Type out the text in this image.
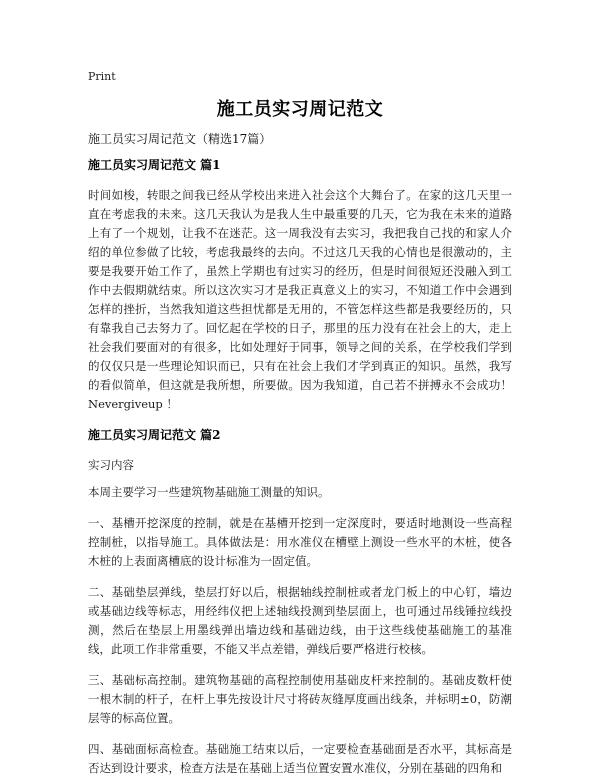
Print
施工员实习周记范文
施工员实习周记范文（精选17篇）
施工员实习周记范文 篇1

时间如梭，转眼之间我已经从学校出来进入社会这个大舞台了。在家的这几天里一直在考虑我的未来。这几天我认为是我人生中最重要的几天，它为我在未来的道路上有了一个规划，让我不在迷茫。这一周我没有去实习，我把我自己找的和家人介绍的单位参做了比较，考虑我最终的去向。不过这几天我的心情也是很激动的，主要是我要开始工作了，虽然上学期也有过实习的经历，但是时间很短还没融入到工作中去假期就结束。所以这次实习才是我正真意义上的实习，不知道工作中会遇到怎样的挫折，当然我知道这些担忧都是无用的，不管怎样这些都是我要经历的，只有靠我自己去努力了。回忆起在学校的日子，那里的压力没有在社会上的大，走上社会我们要面对的有很多，比如处理好于同事，领导之间的关系，在学校我们学到的仅仅只是一些理论知识而已，只有在社会上我们才学到真正的知识。虽然，我写的看似简单，但这就是我所想，所要做。因为我知道，自己若不拼搏永不会成功！Nevergiveup ！

施工员实习周记范文 篇2

实习内容

本周主要学习一些建筑物基础施工测量的知识。

一、基槽开挖深度的控制，就是在基槽开挖到一定深度时，要适时地测设一些高程控制桩，以指导施工。具体做法是：用水准仪在槽壁上测设一些水平的木桩，使各木桩的上表面离槽底的设计标准为一固定值。

二、基础垫层弹线，垫层打好以后，根据轴线控制桩或者龙门板上的中心钉，墙边或基础边线等标志，用经纬仪把上述轴线投测到垫层面上，也可通过吊线锤拉线投测，然后在垫层上用墨线弹出墙边线和基础边线，由于这些线使基础施工的基准线，此项工作非常重要，不能又半点差错，弹线后要严格进行校核。

三、基础标高控制。建筑物基础的高程控制使用基础皮杆来控制的。基础皮数杆使一根木制的杆子，在杆上事先按设计尺寸将砖灰缝厚度画出线条，并标明±0，防潮层等的标高位置。

四、基础面标高检查。基础施工结束以后，一定要检查基础面是否水平，其标高是否达到设计要求，检查方法是在基础上适当位置安置水准仪，分别在基础的四角和
